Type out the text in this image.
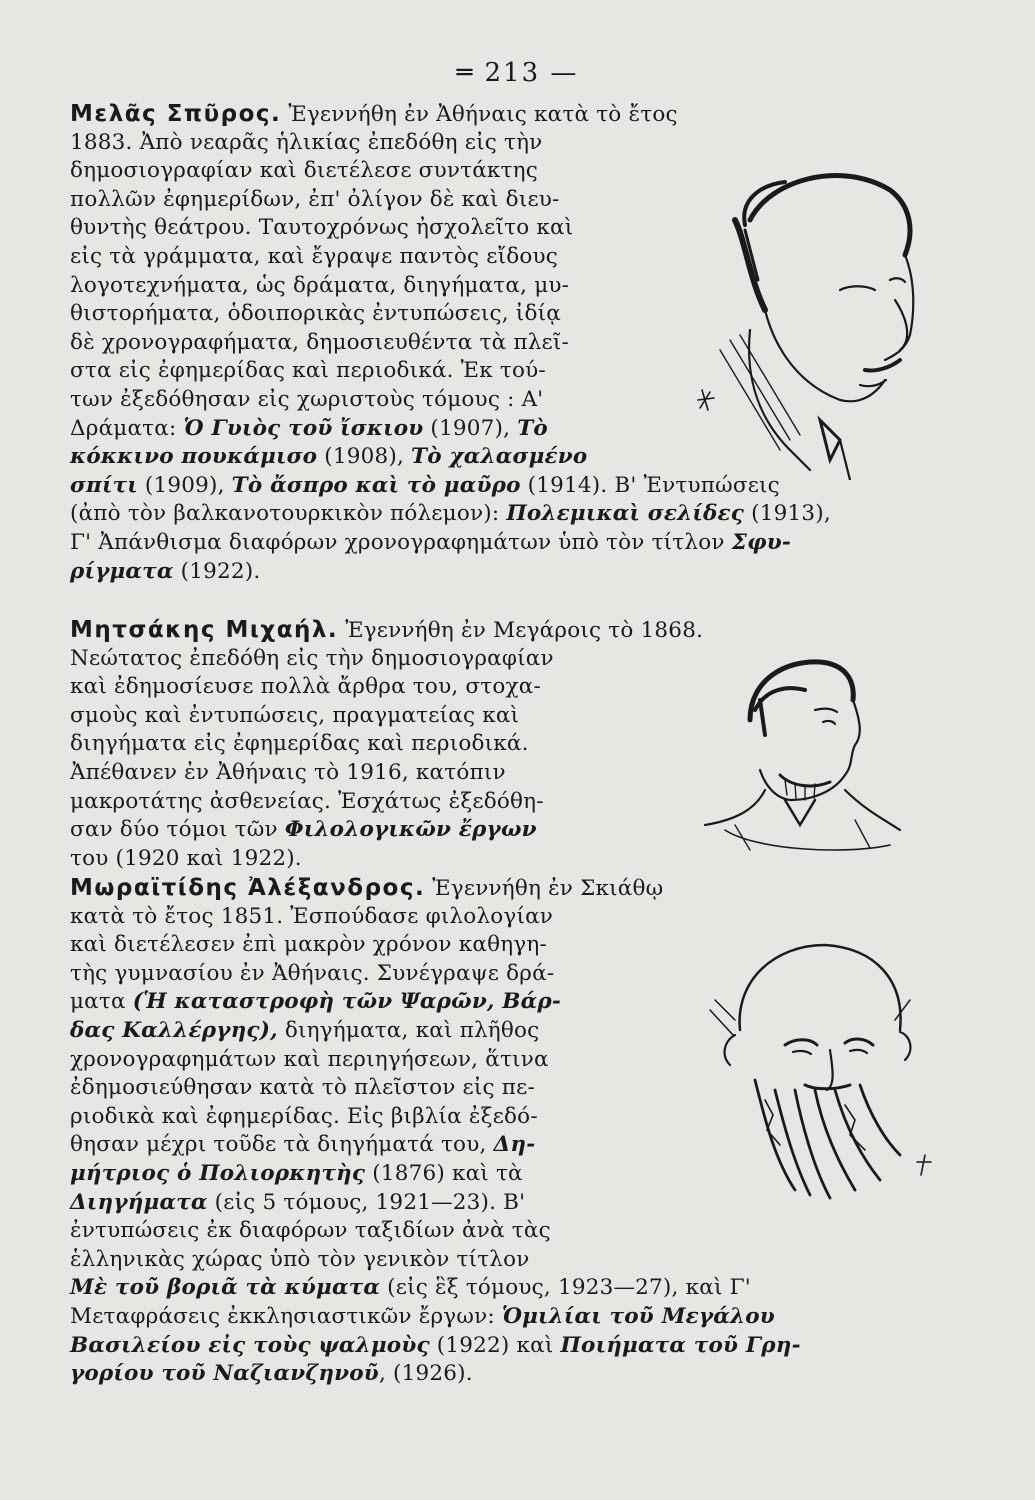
═ 213 —
Μελᾶς Σπῦρος. Ἐγεννήθη ἐν Ἀθήναις κατὰ τὸ ἔτος
1883. Ἀπὸ νεαρᾶς ἡλικίας ἐπεδόθη εἰς τὴν
δημοσιογραφίαν καὶ διετέλεσε συντάκτης
πολλῶν ἐφημερίδων, ἐπ' ὀλίγον δὲ καὶ διευ-
θυντὴς θεάτρου. Ταυτοχρόνως ἠσχολεῖτο καὶ
εἰς τὰ γράμματα, καὶ ἔγραψε παντὸς εἴδους
λογοτεχνήματα, ὡς δράματα, διηγήματα, μυ-
θιστορήματα, ὁδοιπορικὰς ἐντυπώσεις, ἰδίᾳ
δὲ χρονογραφήματα, δημοσιευθέντα τὰ πλεῖ-
στα εἰς ἐφημερίδας καὶ περιοδικά. Ἐκ τού-
των ἐξεδόθησαν εἰς χωριστοὺς τόμους : Α'
Δράματα: Ὁ Γυιὸς τοῦ ἴσκιου (1907), Τὸ
κόκκινο πουκάμισο (1908), Τὸ χαλασμένο
σπίτι (1909), Τὸ ἄσπρο καὶ τὸ μαῦρο (1914). Β' Ἐντυπώσεις
(ἀπὸ τὸν βαλκανοτουρκικὸν πόλεμον): Πολεμικαὶ σελίδες (1913),
Γ' Ἀπάνθισμα διαφόρων χρονογραφημάτων ὑπὸ τὸν τίτλον Σφυ-
ρίγματα (1922).
Μητσάκης Μιχαήλ. Ἐγεννήθη ἐν Μεγάροις τὸ 1868.
Νεώτατος ἐπεδόθη εἰς τὴν δημοσιογραφίαν
καὶ ἐδημοσίευσε πολλὰ ἄρθρα του, στοχα-
σμοὺς καὶ ἐντυπώσεις, πραγματείας καὶ
διηγήματα εἰς ἐφημερίδας καὶ περιοδικά.
Ἀπέθανεν ἐν Ἀθήναις τὸ 1916, κατόπιν
μακροτάτης ἀσθενείας. Ἐσχάτως ἐξεδόθη-
σαν δύο τόμοι τῶν Φιλολογικῶν ἔργων
του (1920 καὶ 1922).
Μωραϊτίδης Ἀλέξανδρος. Ἐγεννήθη ἐν Σκιάθῳ
κατὰ τὸ ἔτος 1851. Ἐσπούδασε φιλολογίαν
καὶ διετέλεσεν ἐπὶ μακρὸν χρόνον καθηγη-
τὴς γυμνασίου ἐν Ἀθήναις. Συνέγραψε δρά-
ματα (Ἡ καταστροφὴ τῶν Ψαρῶν, Βάρ-
δας Καλλέργης), διηγήματα, καὶ πλῆθος
χρονογραφημάτων καὶ περιηγήσεων, ἅτινα
ἐδημοσιεύθησαν κατὰ τὸ πλεῖστον εἰς πε-
ριοδικὰ καὶ ἐφημερίδας. Εἰς βιβλία ἐξεδό-
θησαν μέχρι τοῦδε τὰ διηγήματά του, Δη-
μήτριος ὁ Πολιορκητὴς (1876) καὶ τὰ
Διηγήματα (εἰς 5 τόμους, 1921—23). Β'
ἐντυπώσεις ἐκ διαφόρων ταξιδίων ἀνὰ τὰς
ἑλληνικὰς χώρας ὑπὸ τὸν γενικὸν τίτλον
Μὲ τοῦ βοριᾶ τὰ κύματα (εἰς ἓξ τόμους, 1923—27), καὶ Γ'
Μεταφράσεις ἐκκλησιαστικῶν ἔργων: Ὁμιλίαι τοῦ Μεγάλου
Βασιλείου εἰς τοὺς ψαλμοὺς (1922) καὶ Ποιήματα τοῦ Γρη-
γορίου τοῦ Ναζιανζηνοῦ, (1926).
